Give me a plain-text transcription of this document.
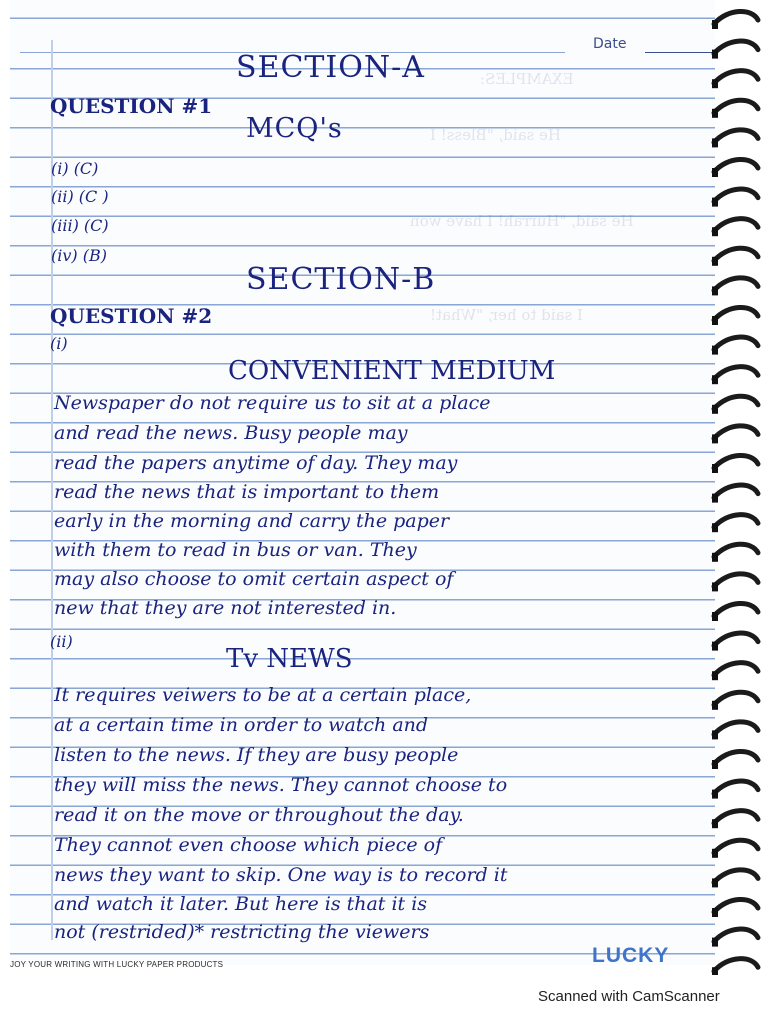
Date
EXAMPLES:
He said, "Bless! I
He said, "Hurrah! I have won
I said to her, "What!
SECTION-A
QUESTION #1
MCQ's
(i) (C)
(ii) (C )
(iii) (C)
(iv) (B)
SECTION-B
QUESTION #2
(i)
CONVENIENT MEDIUM
Newspaper do not require us to sit at a place
and read the news. Busy people may
read the papers anytime of day. They may
read the news that is important to them
early in the morning and carry the paper
with them to read in bus or van. They
may also choose to omit certain aspect of
new that they are not interested in.
(ii)
Tv NEWS
It requires veiwers to be at a certain place,
at a certain time in order to watch and
listen to the news. If they are busy people
they will miss the news. They cannot choose to
read it on the move or throughout the day.
They cannot even choose which piece of
news they want to skip. One way is to record it
and watch it later. But here is that it is
not (restrided)* restricting the viewers
JOY YOUR WRITING WITH LUCKY PAPER PRODUCTS	LUCKY
Scanned with CamScanner
